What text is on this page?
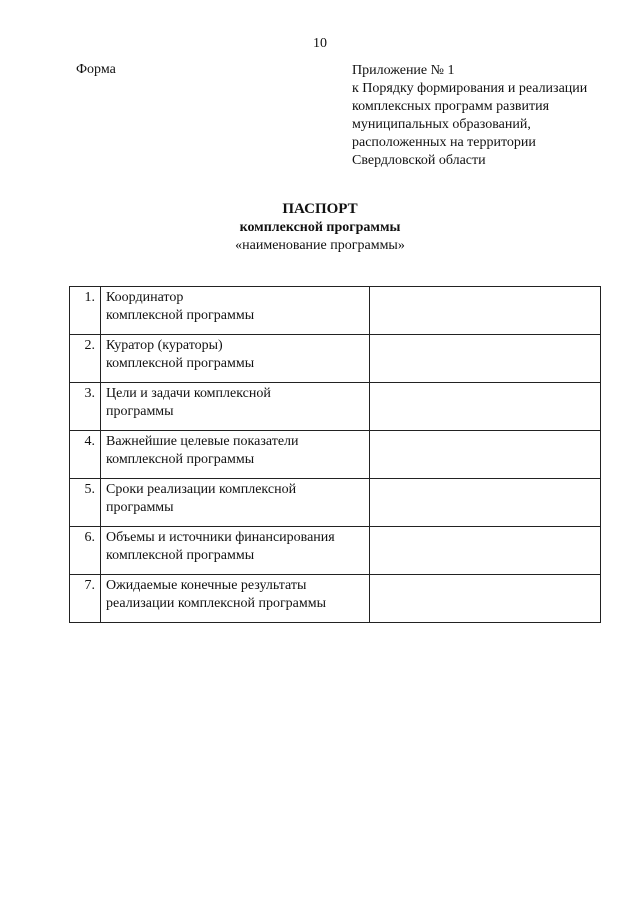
10
Форма	Приложение № 1
к Порядку формирования и реализации
комплексных программ развития
муниципальных образований,
расположенных на территории
Свердловской области
ПАСПОРТ
комплексной программы
«наименование программы»
1.	Координатор
комплексной программы	

2.	Куратор (кураторы)
комплексной программы	

3.	Цели и задачи комплексной
программы	

4.	Важнейшие целевые показатели
комплексной программы	

5.	Сроки реализации комплексной
программы	

6.	Объемы и источники финансирования
комплексной программы	

7.	Ожидаемые конечные результаты
реализации комплексной программы	
